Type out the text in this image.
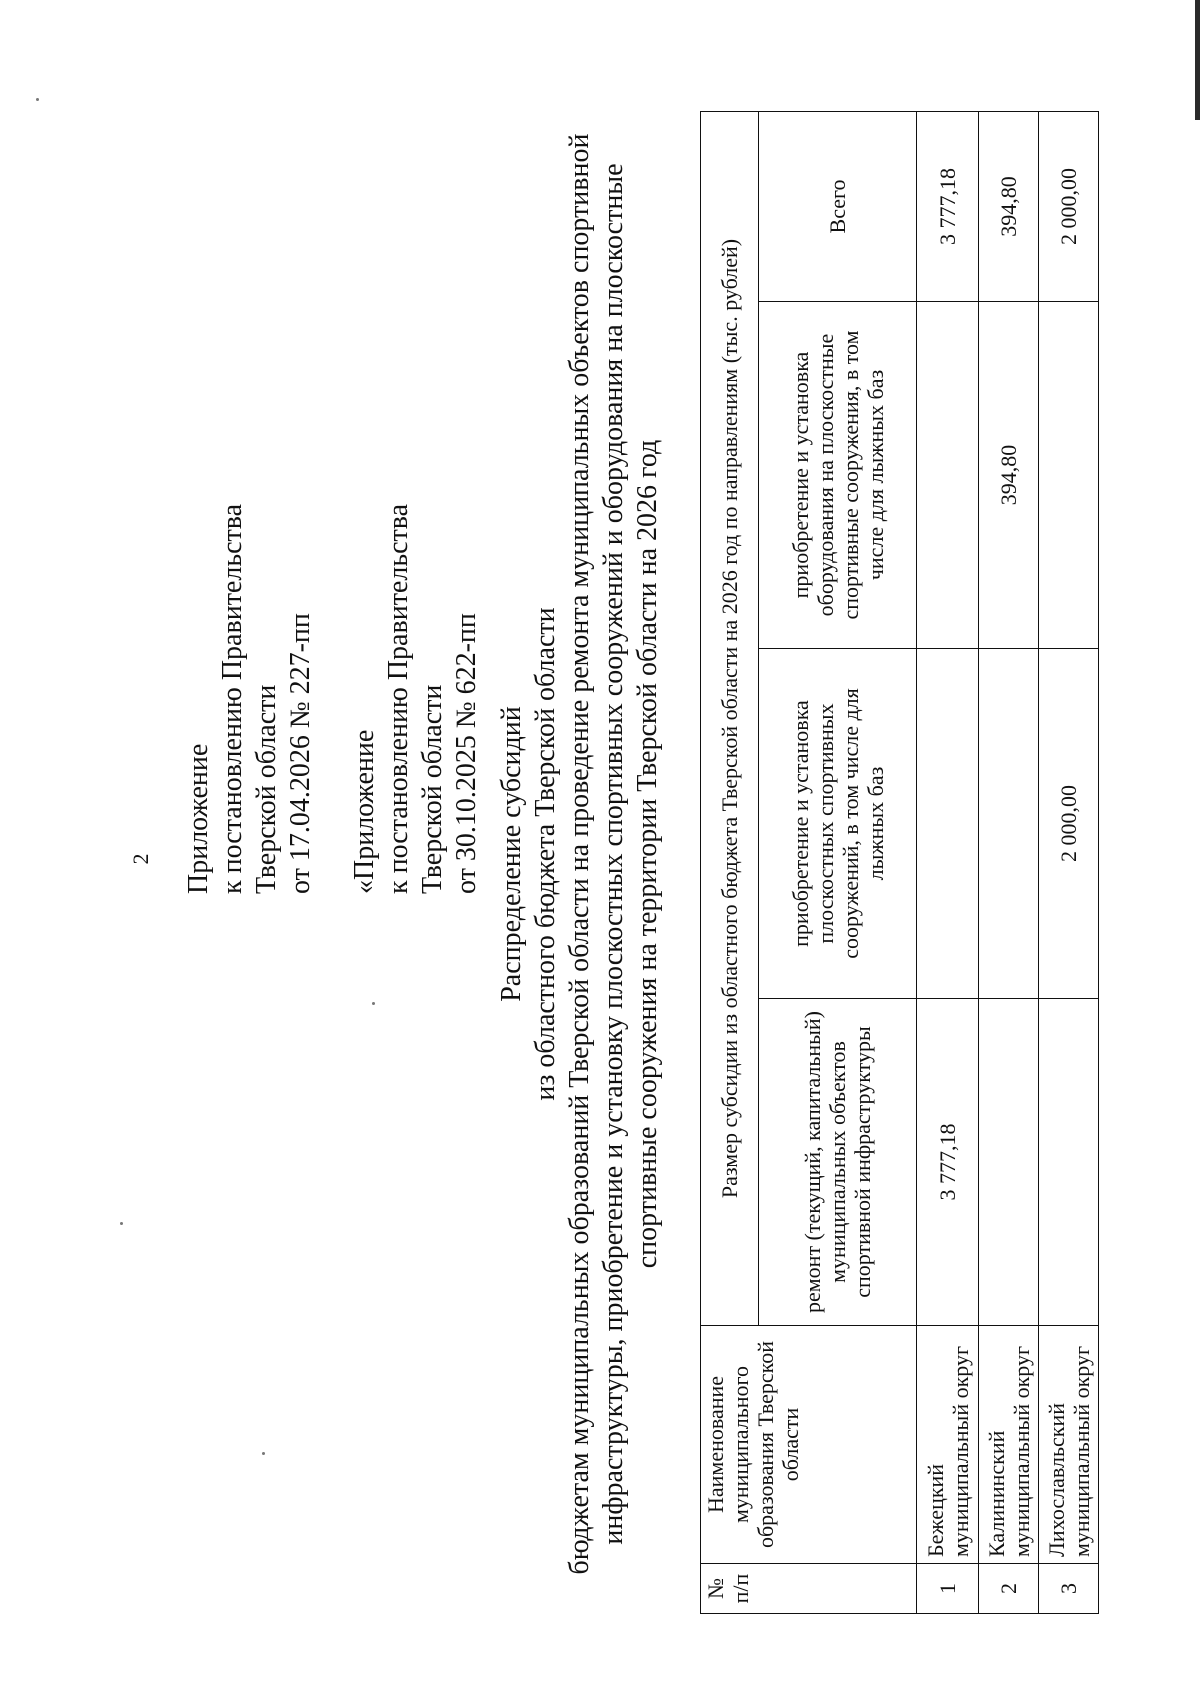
2 Приложение к постановлению Правительства Тверской области от 17.04.2026 № 227-пп «Приложение к постановлению Правительства Тверской области от 30.10.2025 № 622-пп Распределение субсидий из областного бюджета Тверской области бюджетам муниципальных образований Тверской области на проведение ремонта муниципальных объектов спортивной инфраструктуры, приобретение и установку плоскостных спортивных сооружений и оборудования на плоскостные спортивные сооружения на территории Тверской области на 2026 год
№ п/п	Наименование муниципального образования Тверской области	Размер субсидии из областного бюджета Тверской области на 2026 год по направлениям (тыс. рублей)			
		ремонт (текущий, капитальный) муниципальных объектов спортивной инфраструктуры	приобретение и установка плоскостных спортивных сооружений, в том числе для лыжных баз	приобретение и установка оборудования на плоскостные спортивные сооружения, в том числе для лыжных баз	Всего
1	Бежецкий муниципальный округ	3 777,18			3 777,18
2	Калининский муниципальный округ			394,80	394,80
3	Лихославльский муниципальный округ		2 000,00		2 000,00
